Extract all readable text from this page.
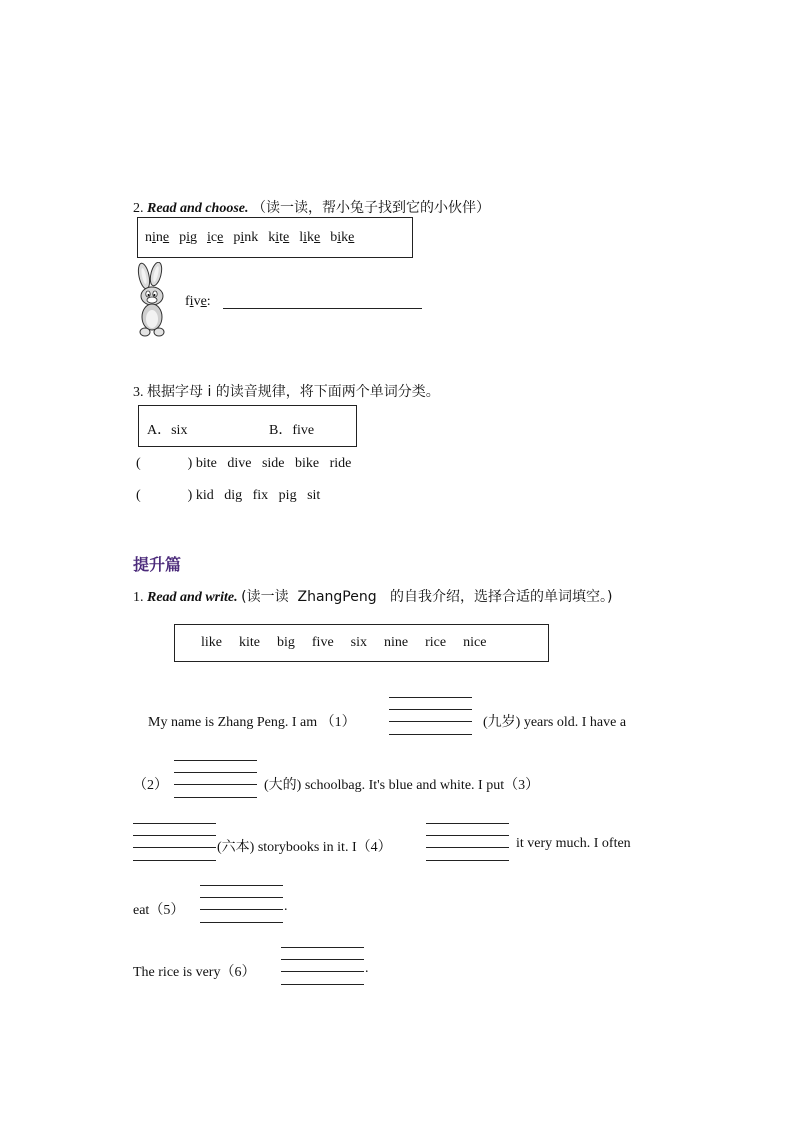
2. Read and choose. （读一读，帮小兔子找到它的小伙伴）
nine pig ice pink kite like bike
five:
3. 根据字母 i 的读音规律，将下面两个单词分类。
A．six	B．five
(	) bite   dive   side   bike   ride
(	) kid   dig   fix   pig   sit
提升篇
1. Read and write. (读一读  ZhangPeng   的自我介绍，选择合适的单词填空。)
like kite big five six nine rice nice
My name is Zhang Peng. I am （1）	(九岁) years old. I have a
（2）	(大的) schoolbag. It's blue and white. I put（3）
(六本) storybooks in it. I（4）	it very much. I often
eat（5）	.
The rice is very（6）	.
